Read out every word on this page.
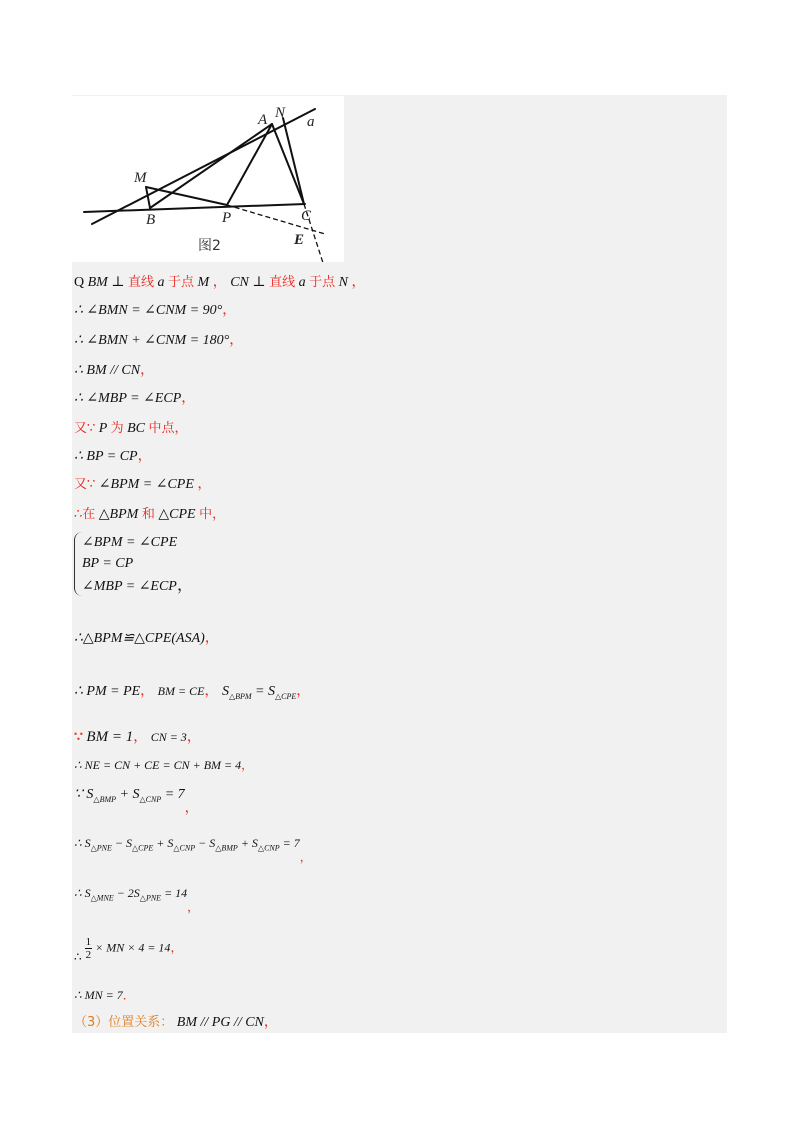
A N
a
M
B	P	C
E
图2
Q BM ⊥ 直线 a 于点 M ， CN ⊥ 直线 a 于点 N ，
∴ ∠BMN = ∠CNM = 90°，
∴ ∠BMN + ∠CNM = 180°，
∴ BM // CN，
∴ ∠MBP = ∠ECP，
又∵ P 为 BC 中点，
∴ BP = CP，
又∵ ∠BPM = ∠CPE ，
∴在 △BPM 和 △CPE 中，
∠BPM = ∠CPE
BP = CP
∠MBP = ∠ECP ，
∴△BPM≌△CPE(ASA)，
∴ PM = PE， BM = CE， $S_{\triangle BPM} = S_{\triangle CPE}$，
∵ BM = 1， CN = 3，
∴ NE = CN + CE = CN + BM = 4，
∵ $S_{\triangle BMP} + S_{\triangle CNP} = 7$，
∴ $S_{\triangle PNE} - S_{\triangle CPE} + S_{\triangle CNP} - S_{\triangle BMP} + S_{\triangle CNP} = 7$，
∴ $S_{\triangle MNE} - 2S_{\triangle PNE} = 14$，
∴ $\frac{1}{2}$ × MN × 4 = 14，
∴ MN = 7．
（3）位置关系： BM // PG // CN，
